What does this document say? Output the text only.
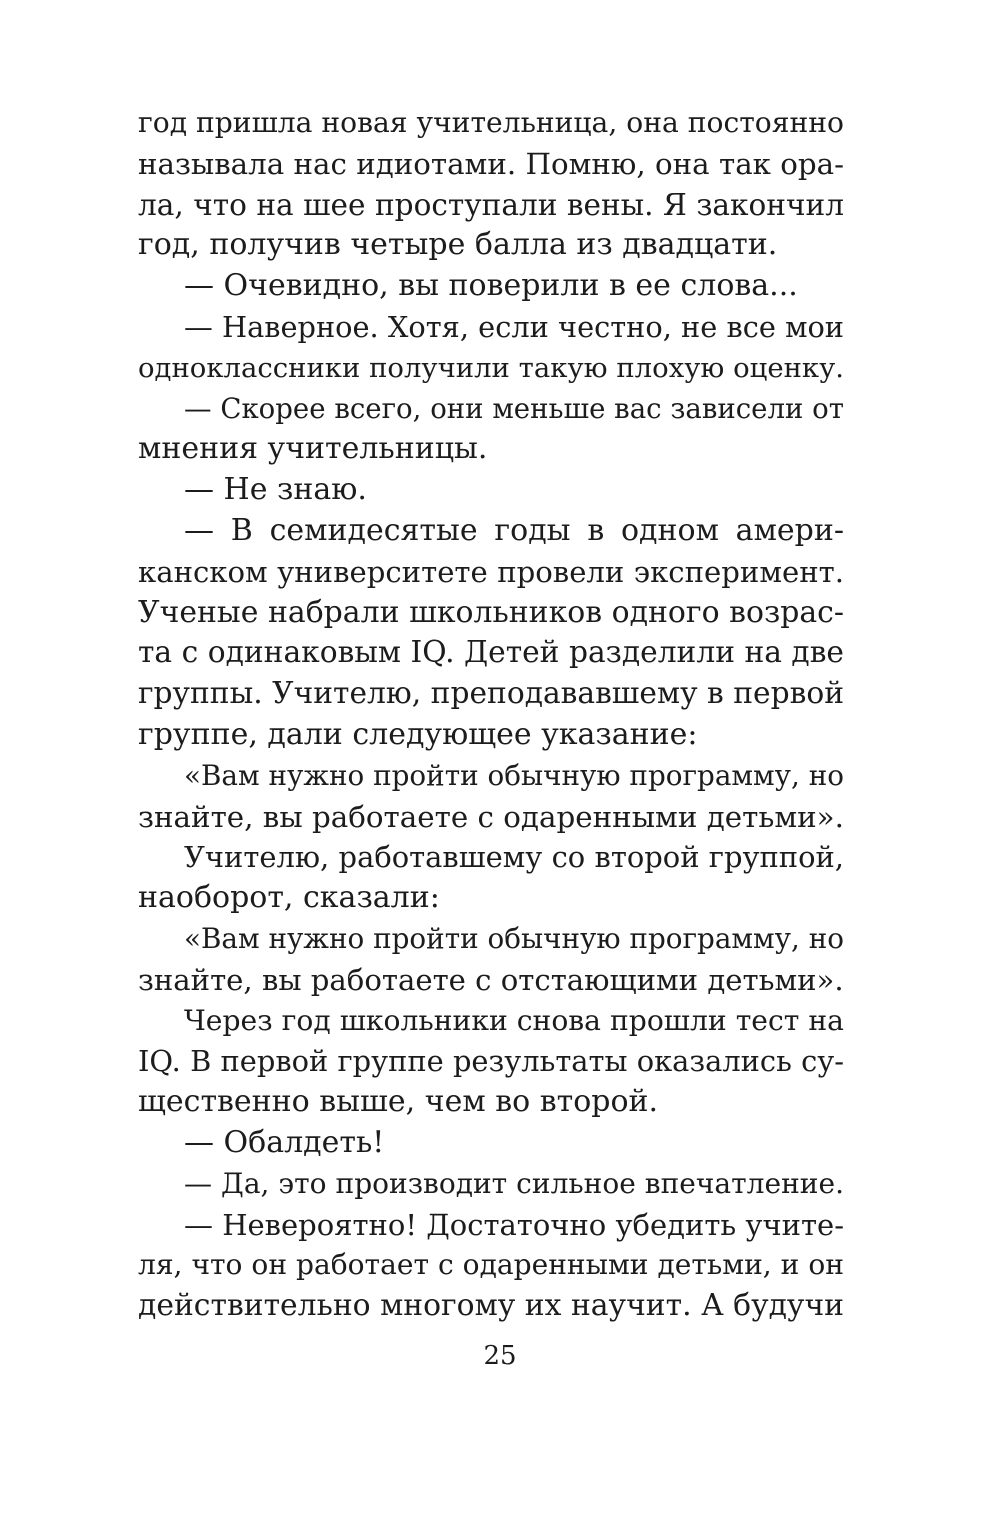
год пришла новая учительница, она постоянно
называла нас идиотами. Помню, она так ора-
ла, что на шее проступали вены. Я закончил
год, получив четыре балла из двадцати.
— Очевидно, вы поверили в ее слова...
— Наверное. Хотя, если честно, не все мои
одноклассники получили такую плохую оценку.
— Скорее всего, они меньше вас зависели от
мнения учительницы.
— Не знаю.
— В семидесятые годы в одном амери-
канском университете провели эксперимент.
Ученые набрали школьников одного возрас-
та с одинаковым IQ. Детей разделили на две
группы. Учителю, преподававшему в первой
группе, дали следующее указание:
«Вам нужно пройти обычную программу, но
знайте, вы работаете с одаренными детьми».
Учителю, работавшему со второй группой,
наоборот, сказали:
«Вам нужно пройти обычную программу, но
знайте, вы работаете с отстающими детьми».
Через год школьники снова прошли тест на
IQ. В первой группе результаты оказались су-
щественно выше, чем во второй.
— Обалдеть!
— Да, это производит сильное впечатление.
— Невероятно! Достаточно убедить учите-
ля, что он работает с одаренными детьми, и он
действительно многому их научит. А будучи
25
